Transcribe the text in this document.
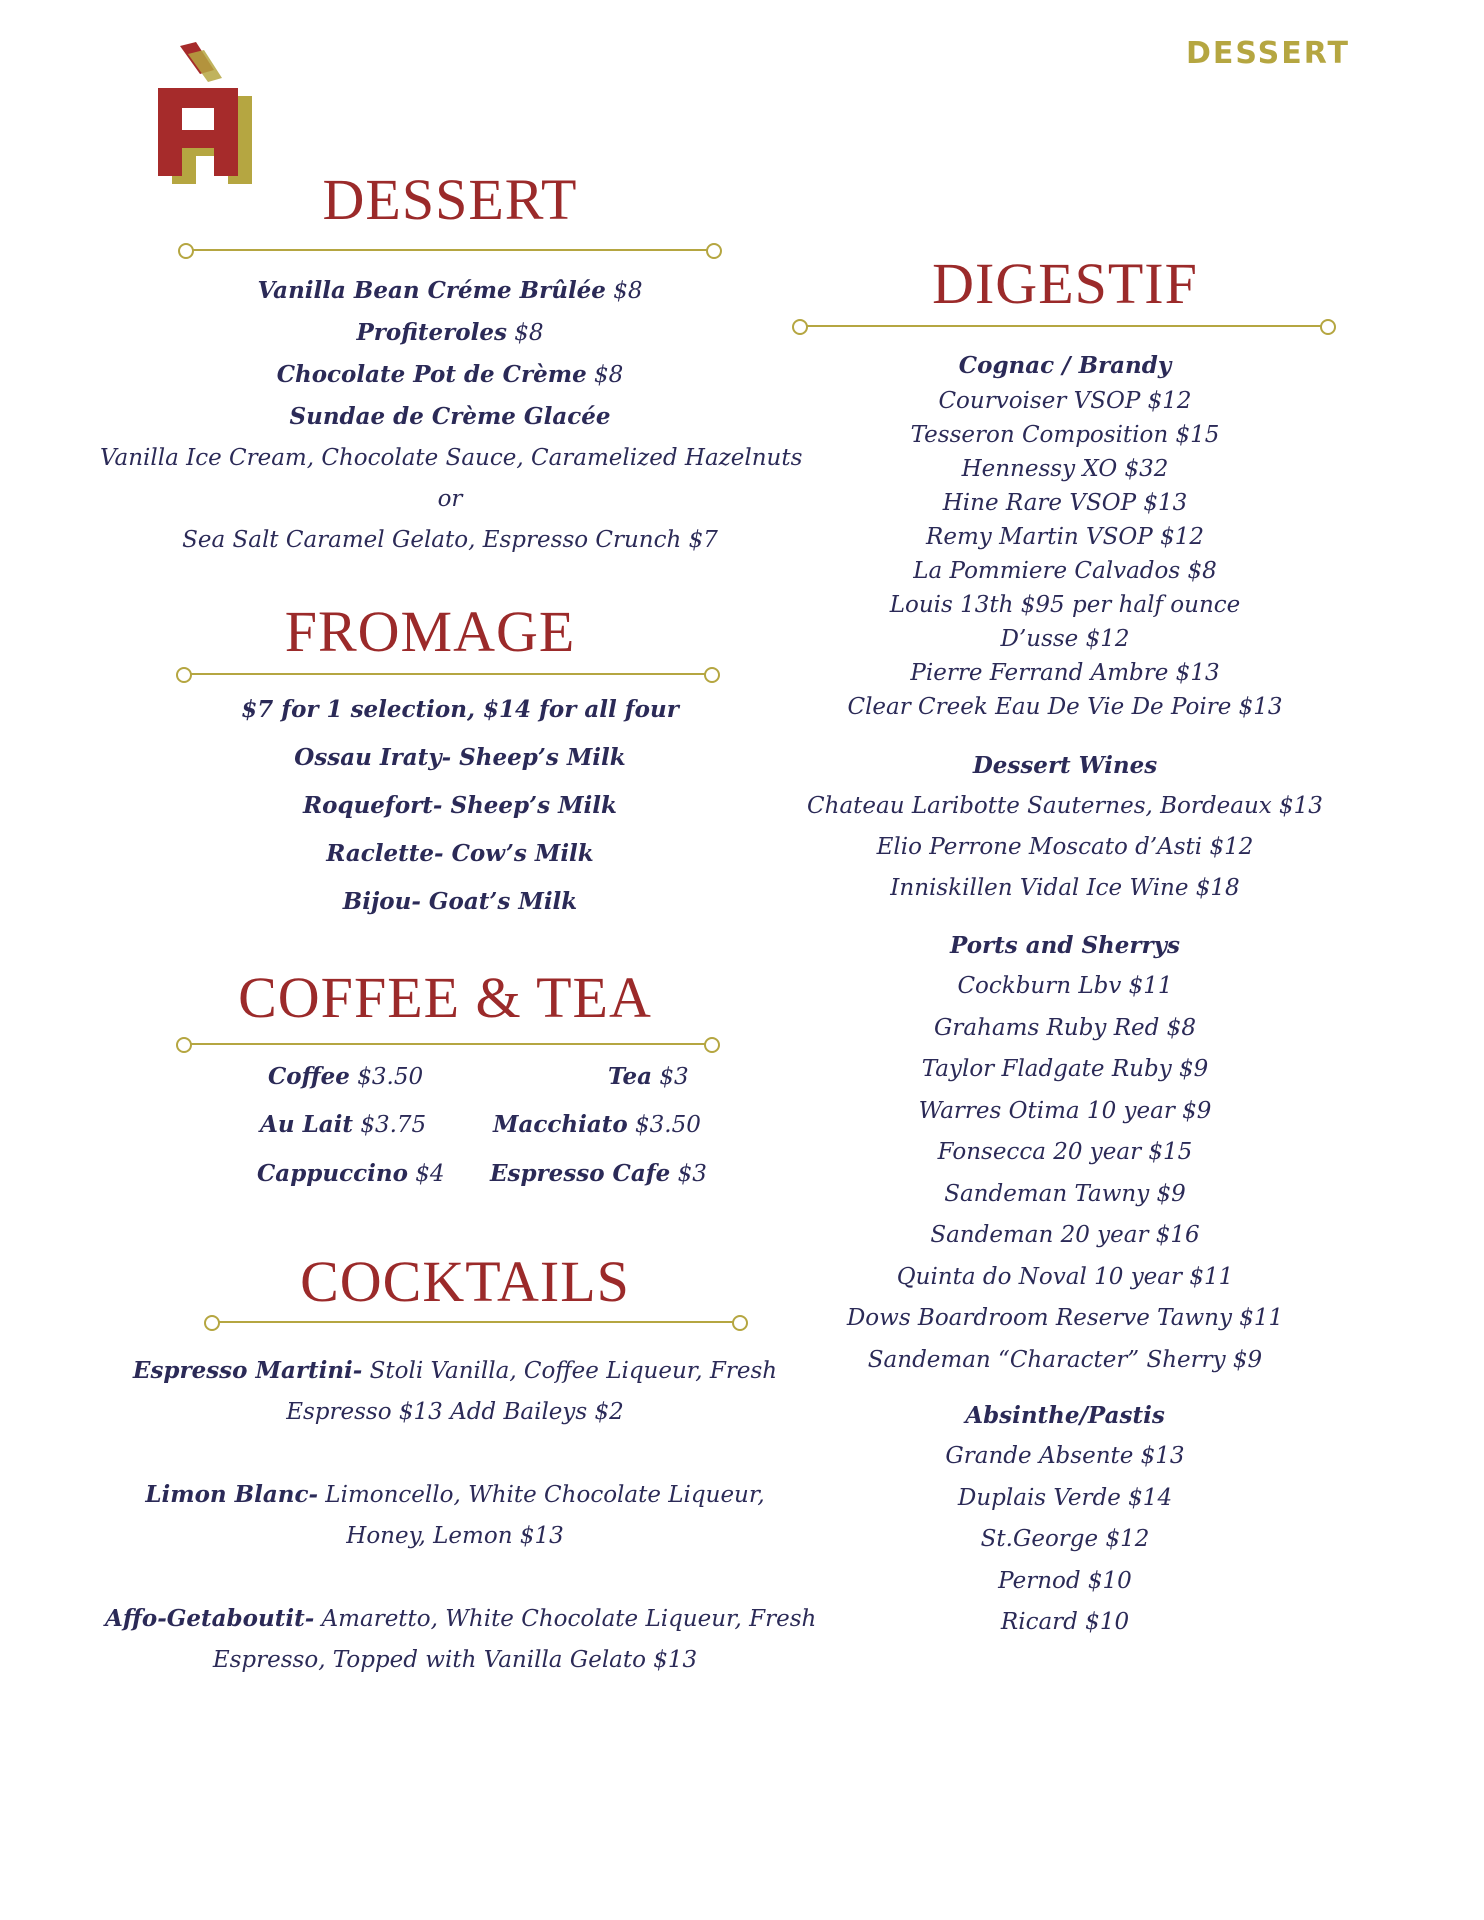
DESSERT
DESSERT
Vanilla Bean Créme Brûlée $8
Profiteroles $8
Chocolate Pot de Crème $8
Sundae de Crème Glacée
Vanilla Ice Cream, Chocolate Sauce, Caramelized Hazelnuts
or
Sea Salt Caramel Gelato, Espresso Crunch $7
FROMAGE
$7 for 1 selection, $14 for all four
Ossau Iraty- Sheep’s Milk
Roquefort- Sheep’s Milk
Raclette- Cow’s Milk
Bijou- Goat’s Milk
COFFEE & TEA
Coffee $3.50	Tea $3
Au Lait $3.75	Macchiato $3.50
Cappuccino $4 Espresso Cafe $3
COCKTAILS
Espresso Martini- Stoli Vanilla, Coffee Liqueur, Fresh
Espresso $13 Add Baileys $2
Limon Blanc- Limoncello, White Chocolate Liqueur,
Honey, Lemon $13
Affo-Getaboutit- Amaretto, White Chocolate Liqueur, Fresh
Espresso, Topped with Vanilla Gelato $13
DIGESTIF
Cognac / Brandy
Courvoiser VSOP $12
Tesseron Composition $15
Hennessy XO $32
Hine Rare VSOP $13
Remy Martin VSOP $12
La Pommiere Calvados $8
Louis 13th $95 per half ounce
D’usse $12
Pierre Ferrand Ambre $13
Clear Creek Eau De Vie De Poire $13
Dessert Wines
Chateau Laribotte Sauternes, Bordeaux $13
Elio Perrone Moscato d’Asti $12
Inniskillen Vidal Ice Wine $18
Ports and Sherrys
Cockburn Lbv $11
Grahams Ruby Red $8
Taylor Fladgate Ruby $9
Warres Otima 10 year $9
Fonsecca 20 year $15
Sandeman Tawny $9
Sandeman 20 year $16
Quinta do Noval 10 year $11
Dows Boardroom Reserve Tawny $11
Sandeman “Character” Sherry $9
Absinthe/Pastis
Grande Absente $13
Duplais Verde $14
St.George $12
Pernod $10
Ricard $10
